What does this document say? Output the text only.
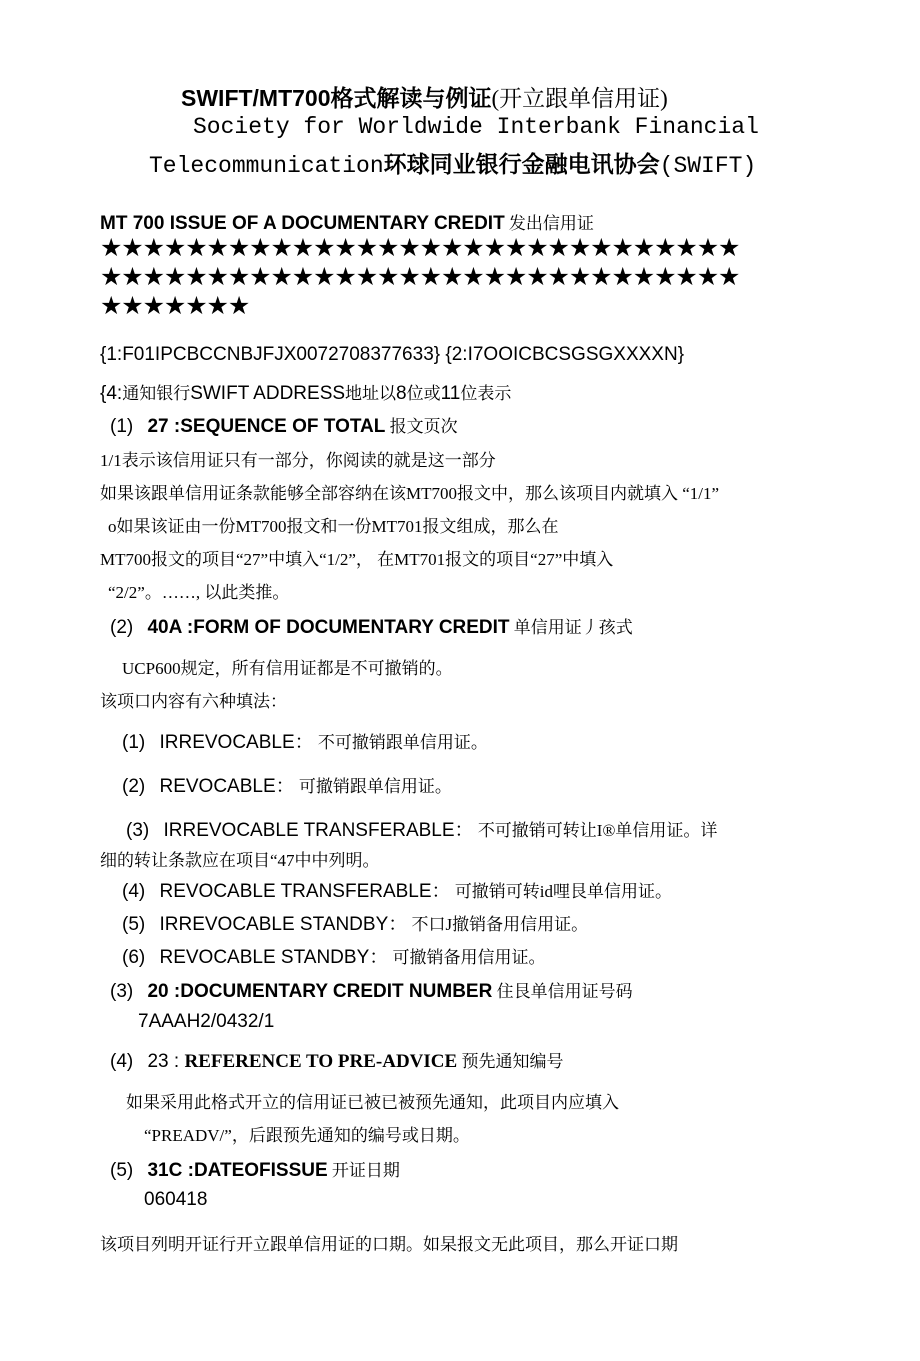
SWIFT/MT700格式解读与例证(开立跟单信用证)
Society for Worldwide Interbank Financial
Telecommunication环球同业银行金融电讯协会(SWIFT)
MT 700 ISSUE OF A DOCUMENTARY CREDIT 发出信用证
★★★★★★★★★★★★★★★★★★★★★★★★★★★★★★
★★★★★★★★★★★★★★★★★★★★★★★★★★★★★★
★★★★★★★
{1:F01IPCBCCNBJFJX0072708377633} {2:I7OOICBCSGSGXXXXN}
{4:通知银行SWIFT ADDRESS地址以8位或11位表示
(1) 27 :SEQUENCE OF TOTAL 报文页次
1/1表示该信用证只有一部分，你阅读的就是这一部分
如果该跟单信用证条款能够全部容纳在该MT700报文中，那么该项目内就填入 “1/1”
o如果该证由一份MT700报文和一份MT701报文组成，那么在
MT700报文的项目“27”中填入“1/2”， 在MT701报文的项目“27”中填入
“2/2”。……, 以此类推。
(2) 40A :FORM OF DOCUMENTARY CREDIT 单信用证丿孩式
UCP600规定，所有信用证都是不可撤销的。
该项口内容有六种填法：
(1) IRREVOCABLE： 不可撤销跟单信用证。
(2) REVOCABLE： 可撤销跟单信用证。
(3) IRREVOCABLE TRANSFERABLE： 不可撤销可转让I®单信用证。详
细的转让条款应在项目“47中中列明。
(4) REVOCABLE TRANSFERABLE： 可撤销可转id哩艮单信用证。
(5) IRREVOCABLE STANDBY： 不口J撤销备用信用证。
(6) REVOCABLE STANDBY： 可撤销备用信用证。
(3) 20 :DOCUMENTARY CREDIT NUMBER 住艮单信用证号码
7AAAH2/0432/1
(4) 23 : REFERENCE TO PRE-ADVICE 预先通知编号
如果采用此格式开立的信用证已被已被预先通知，此项目内应填入
“PREADV/”，后跟预先通知的编号或日期。
(5) 31C :DATEOFISSUE 开证日期
060418
该项目列明开证行开立跟单信用证的口期。如杲报文无此项目，那么开证口期
